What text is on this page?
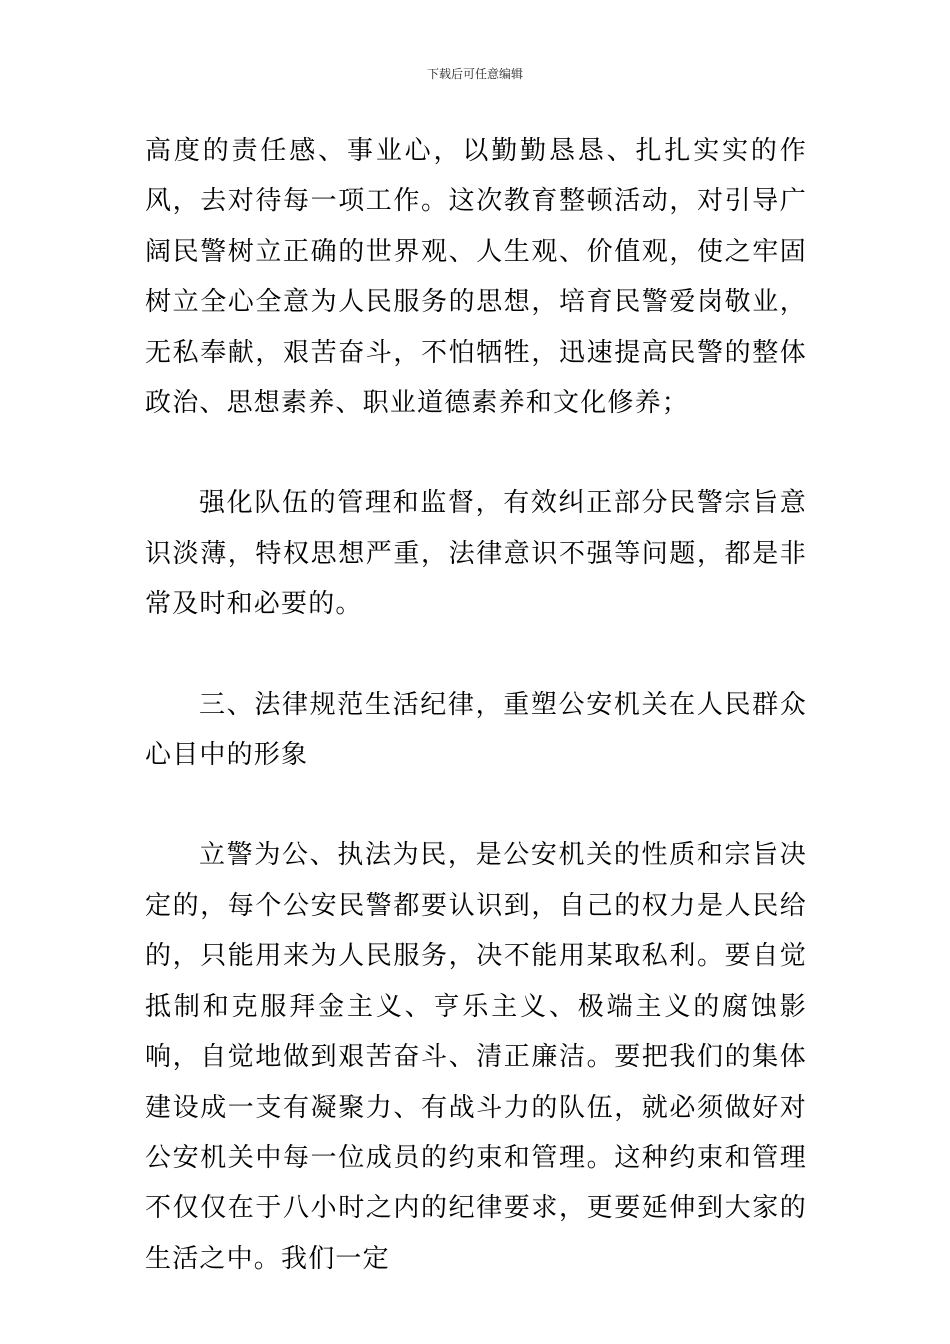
下载后可任意编辑

高度的责任感、事业心，以勤勤恳恳、扎扎实实的作风，去对待每一项工作。这次教育整顿活动，对引导广阔民警树立正确的世界观、人生观、价值观，使之牢固树立全心全意为人民服务的思想，培育民警爱岗敬业，无私奉献，艰苦奋斗，不怕牺牲，迅速提高民警的整体政治、思想素养、职业道德素养和文化修养；

强化队伍的管理和监督，有效纠正部分民警宗旨意识淡薄，特权思想严重，法律意识不强等问题，都是非常及时和必要的。

三、法律规范生活纪律，重塑公安机关在人民群众心目中的形象

立警为公、执法为民，是公安机关的性质和宗旨决定的，每个公安民警都要认识到，自己的权力是人民给的，只能用来为人民服务，决不能用某取私利。要自觉抵制和克服拜金主义、亨乐主义、极端主义的腐蚀影响，自觉地做到艰苦奋斗、清正廉洁。要把我们的集体建设成一支有凝聚力、有战斗力的队伍，就必须做好对公安机关中每一位成员的约束和管理。这种约束和管理不仅仅在于八小时之内的纪律要求，更要延伸到大家的生活之中。我们一定
